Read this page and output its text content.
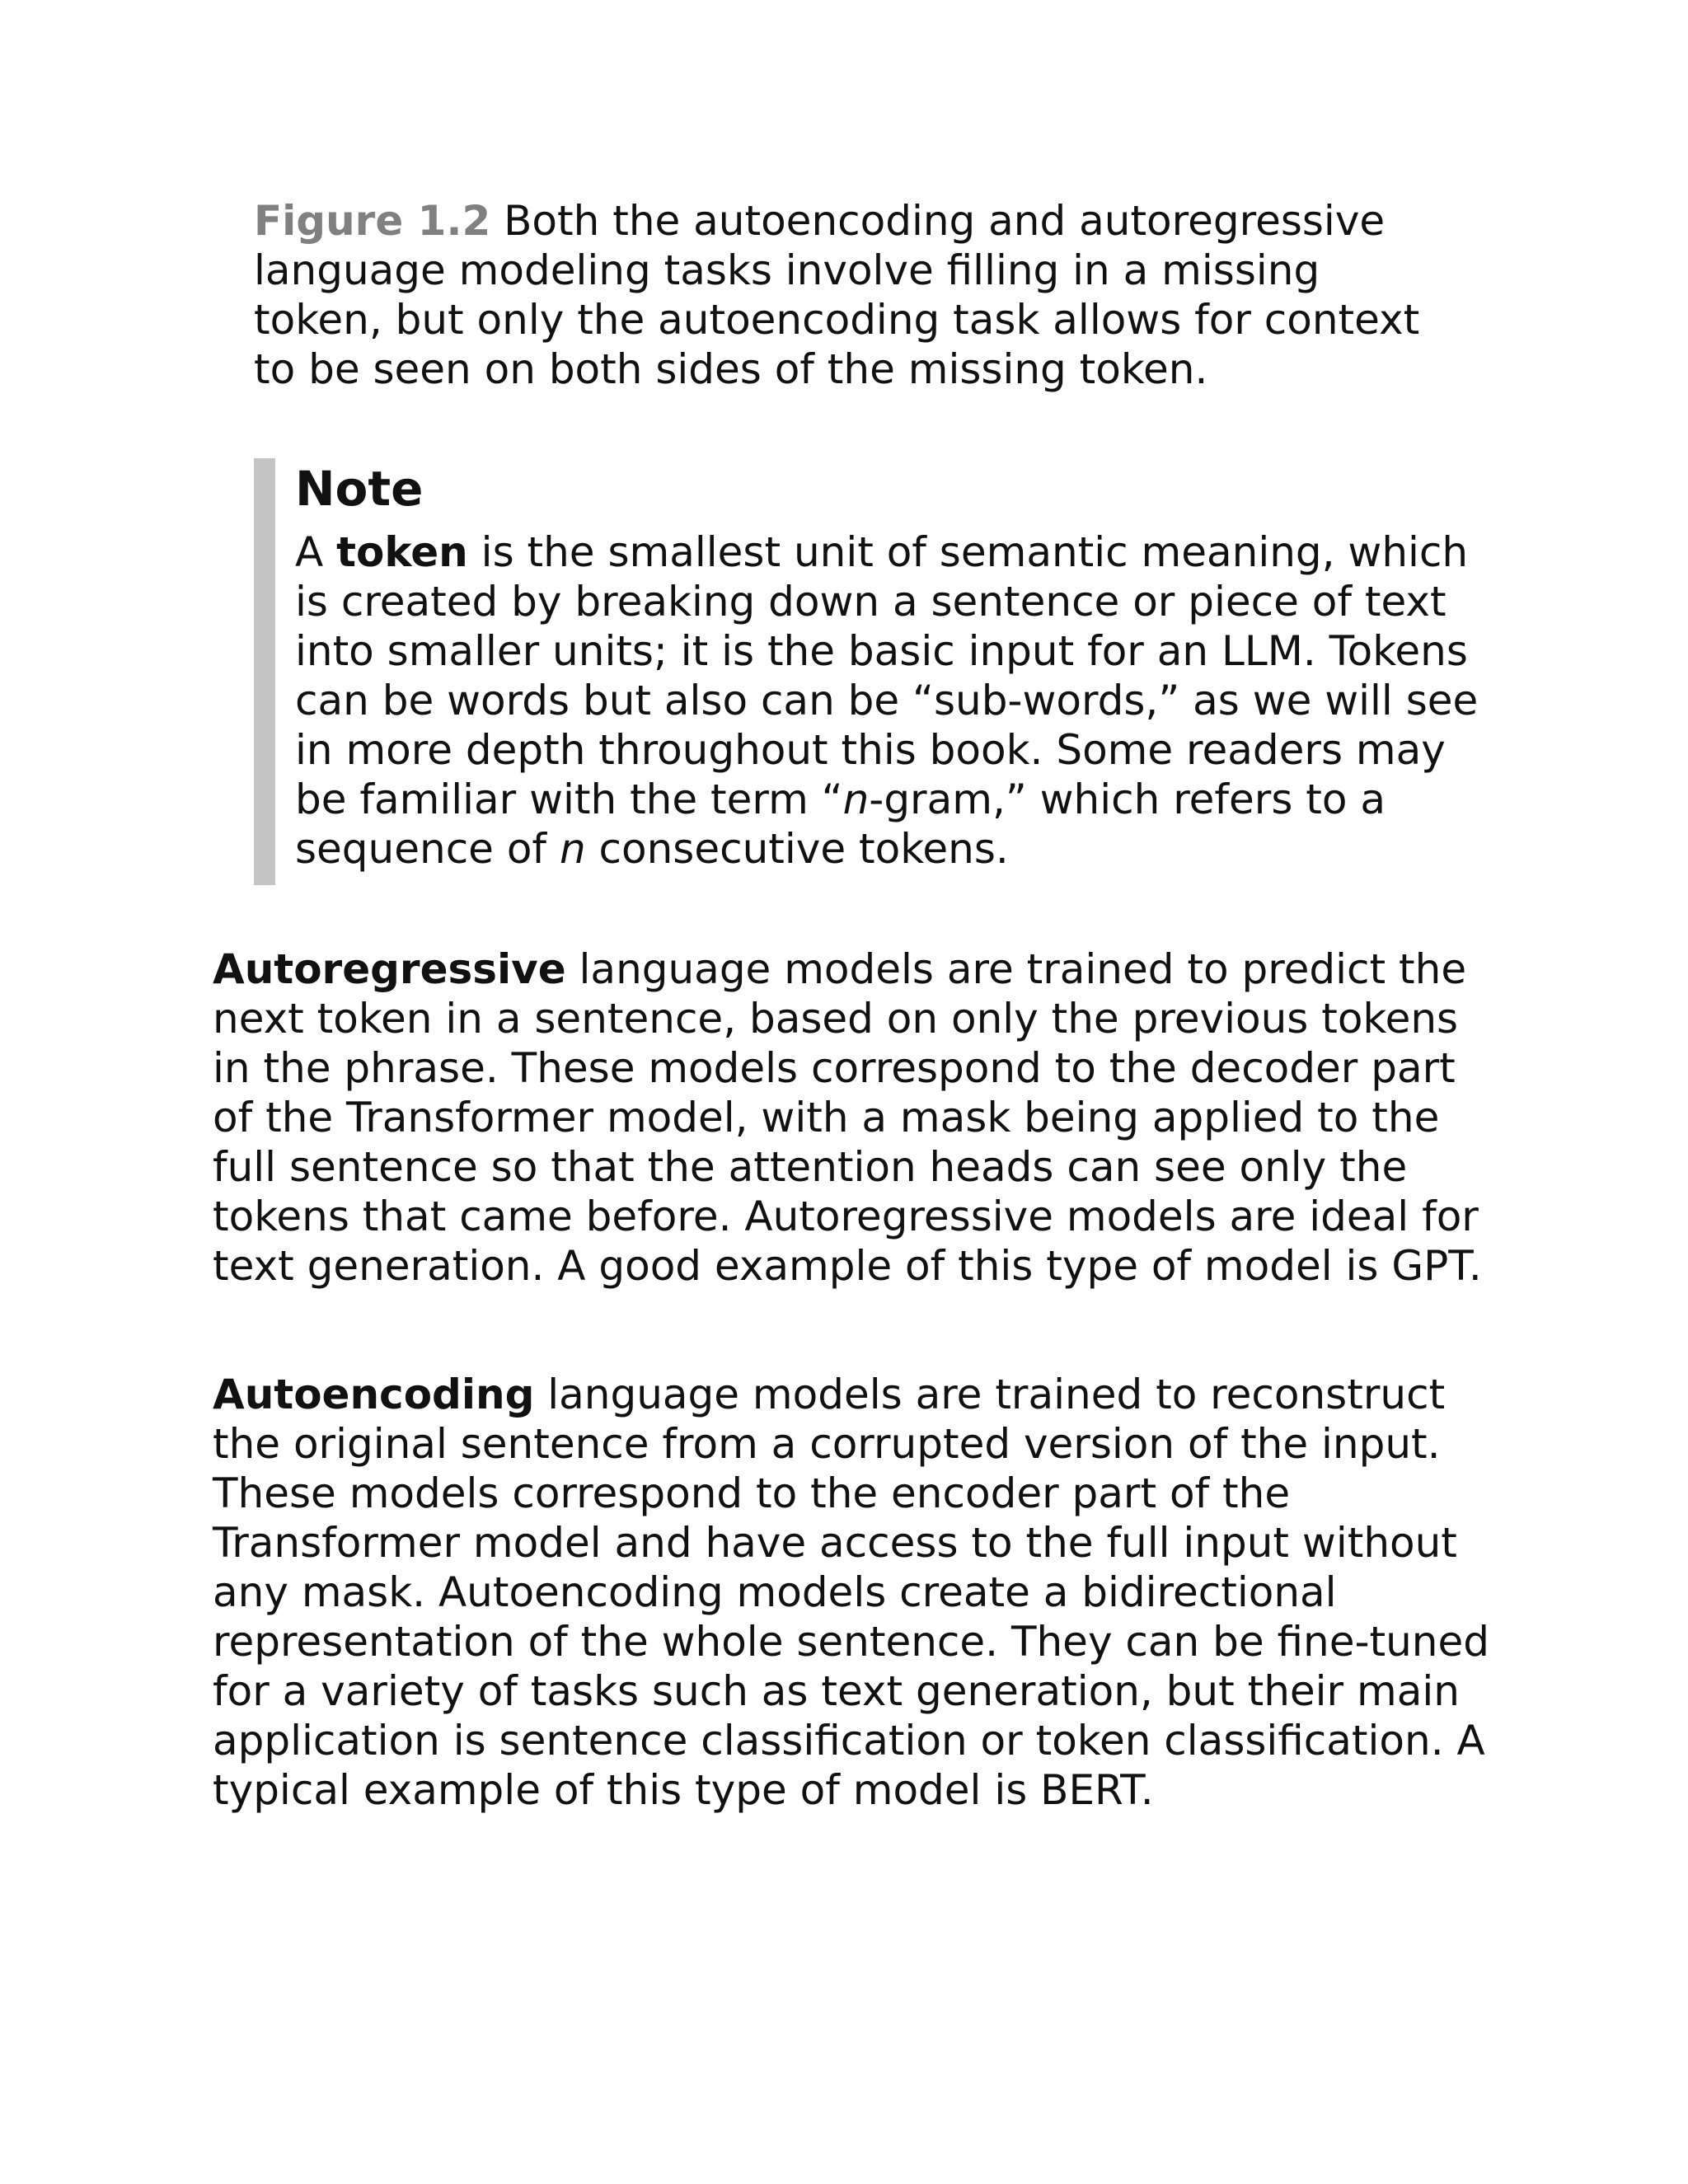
Figure 1.2 Both the autoencoding and autoregressive language modeling tasks involve filling in a missing token, but only the autoencoding task allows for context to be seen on both sides of the missing token.

Note

A token is the smallest unit of semantic meaning, which is created by breaking down a sentence or piece of text into smaller units; it is the basic input for an LLM. Tokens can be words but also can be “sub-words,” as we will see in more depth throughout this book. Some readers may be familiar with the term “n-gram,” which refers to a sequence of n consecutive tokens.

Autoregressive language models are trained to predict the next token in a sentence, based on only the previous tokens in the phrase. These models correspond to the decoder part of the Transformer model, with a mask being applied to the full sentence so that the attention heads can see only the tokens that came before. Autoregressive models are ideal for text generation. A good example of this type of model is GPT.

Autoencoding language models are trained to reconstruct the original sentence from a corrupted version of the input. These models correspond to the encoder part of the Transformer model and have access to the full input without any mask. Autoencoding models create a bidirectional representation of the whole sentence. They can be fine-tuned for a variety of tasks such as text generation, but their main application is sentence classification or token classification. A typical example of this type of model is BERT.
